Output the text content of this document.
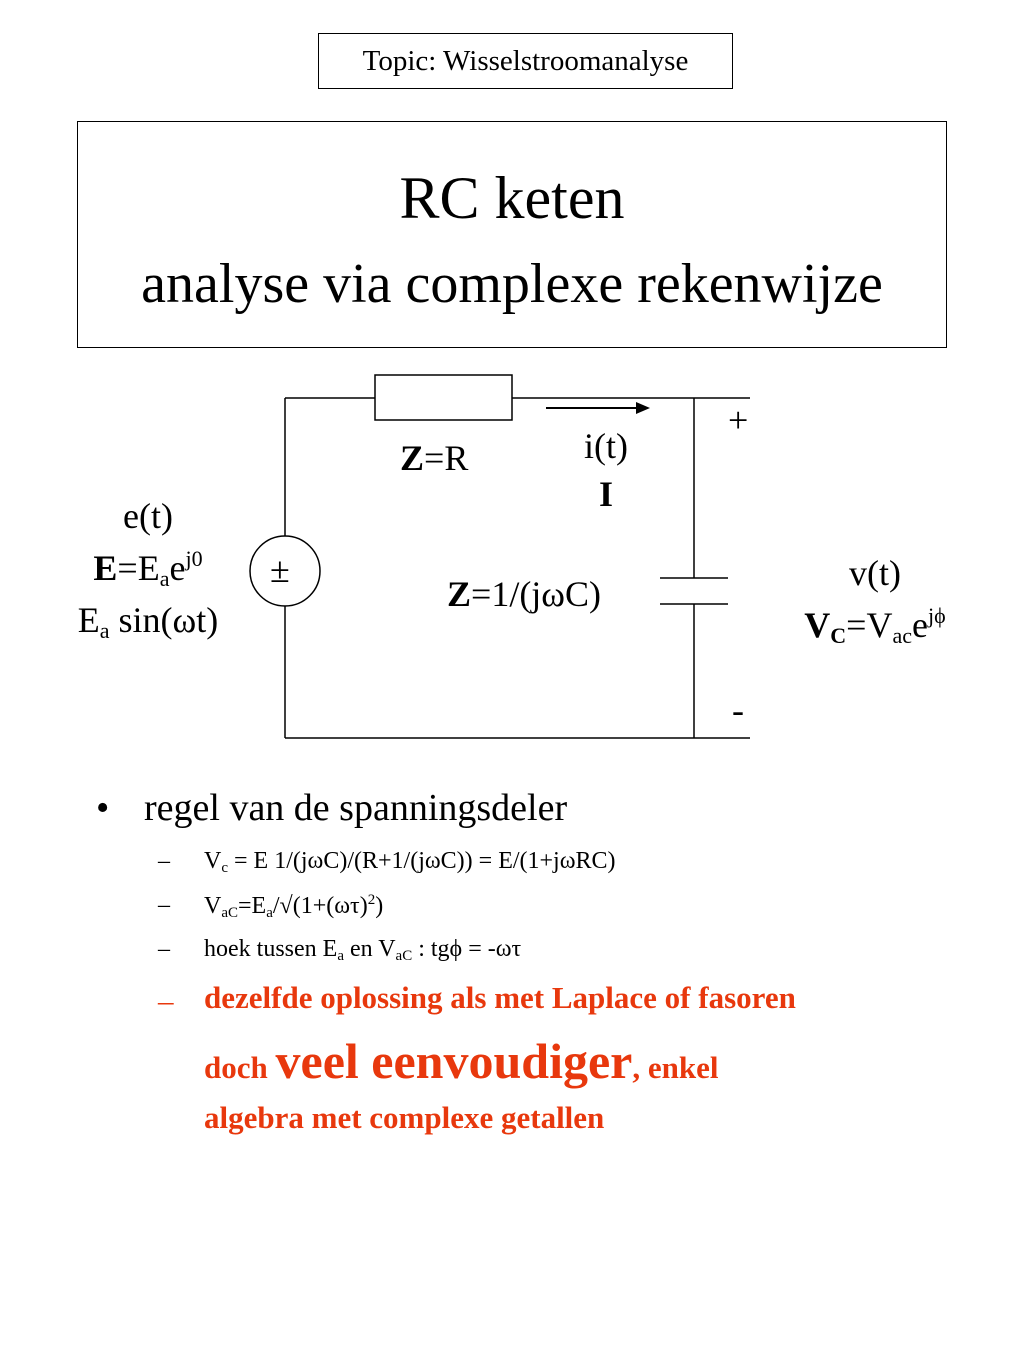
Topic: Wisselstroomanalyse
RC keten
analyse via complexe rekenwijze
±
+
-
Z=R	i(t)
I
Z=1/(jωC)
e(t)
$E=E_ae^{j0}$
$E_a$ sin(ωt)
v(t)
$V_C=V_{ac}e^{j\phi}$
• regel van de spanningsdeler
– $V_c = E$ 1/(jωC)/(R+1/(jωC)) = E/(1+jωRC)
– $V_{aC}=E_a/√(1+(\omega\tau)^2)$
– hoek tussen $E_a$ en $V_{aC}$ : tgϕ = -ωτ
– dezelfde oplossing als met Laplace of fasoren
doch veel eenvoudiger, enkel
algebra met complexe getallen
